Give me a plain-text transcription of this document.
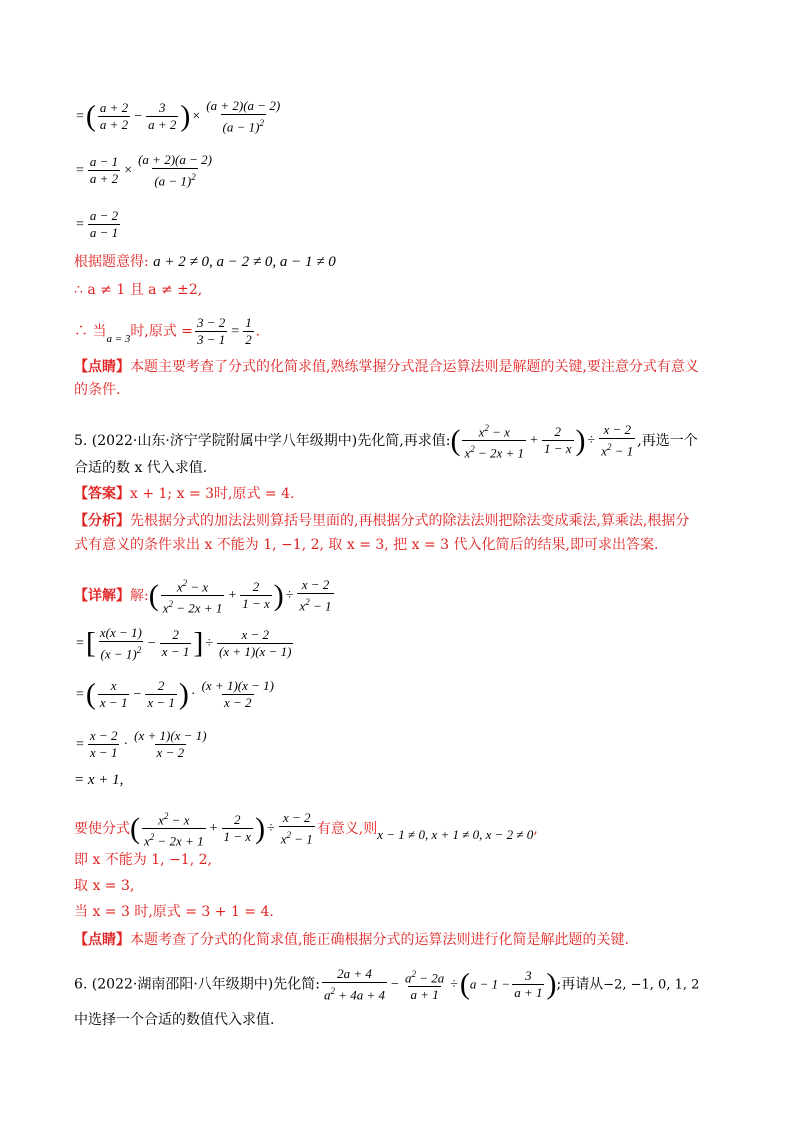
=( $\frac{a + 2}{a + 2} - \frac{3}{a + 2}$ ) × $\frac{(a + 2)(a - 2)}{(a - 1)^2}$
= $\frac{a - 1}{a + 2} \times \frac{(a + 2)(a - 2)}{(a - 1)^2}$
= $\frac{a - 2}{a - 1}$
根据题意得: a + 2 ≠ 0, a − 2 ≠ 0, a − 1 ≠ 0
∴ a ≠ 1 且 a ≠ ±2,
∴ 当$_{a = 3}$时,原式 = $\frac{3 - 2}{3 - 1} = \frac{1}{2}$ .
【点睛】本题主要考查了分式的化简求值,熟练掌握分式混合运算法则是解题的关键,要注意分式有意义
的条件.
5. (2022·山东·济宁学院附属中学八年级期中)先化简,再求值:( $\frac{x^2 - x}{x^2 - 2x + 1} + \frac{2}{1 - x}$ ) ÷ $\frac{x - 2}{x^2 - 1}$ ,再选一个
合适的数 x 代入求值.
【答案】x + 1; x = 3时,原式 = 4.
【分析】先根据分式的加法法则算括号里面的,再根据分式的除法法则把除法变成乘法,算乘法,根据分
式有意义的条件求出 x 不能为 1, −1, 2, 取 x = 3, 把 x = 3 代入化简后的结果,即可求出答案.
【详解】解:( $\frac{x^2 - x}{x^2 - 2x + 1} + \frac{2}{1 - x}$ ) ÷ $\frac{x - 2}{x^2 - 1}$
=[ $\frac{x(x - 1)}{(x - 1)^2} - \frac{2}{x - 1}$ ] ÷ $\frac{x - 2}{(x + 1)(x - 1)}$
=( $\frac{x}{x - 1} - \frac{2}{x - 1}$ ) · $\frac{(x + 1)(x - 1)}{x - 2}$
= $\frac{x - 2}{x - 1} \cdot \frac{(x + 1)(x - 1)}{x - 2}$
= x + 1,
要使分式( $\frac{x^2 - x}{x^2 - 2x + 1} + \frac{2}{1 - x}$ ) ÷ $\frac{x - 2}{x^2 - 1}$ 有意义,则x − 1 ≠ 0, x + 1 ≠ 0, x − 2 ≠ 0,
即 x 不能为 1, −1, 2,
取 x = 3,
当 x = 3 时,原式 = 3 + 1 = 4.
【点睛】本题考查了分式的化简求值,能正确根据分式的运算法则进行化简是解此题的关键.
6. (2022·湖南邵阳·八年级期中)先化简: $\frac{2a + 4}{a^2 + 4a + 4} - \frac{a^2 - 2a}{a + 1} \div(a - 1 - \frac{3}{a + 1}$ );再请从−2, −1, 0, 1, 2
中选择一个合适的数值代入求值.
